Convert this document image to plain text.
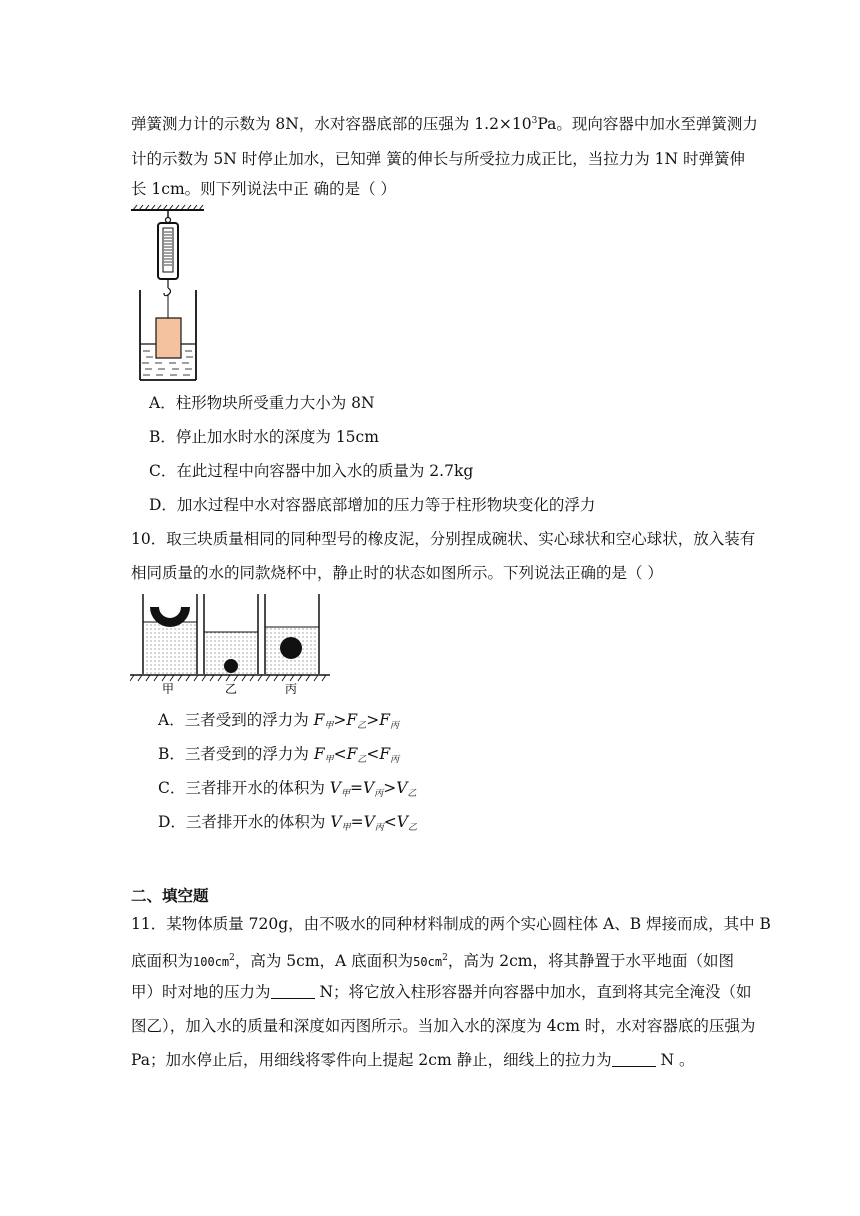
弹簧测力计的示数为 8N，水对容器底部的压强为 $1.2\times 10^3Pa$。现向容器中加水至弹簧测力
计的示数为 5N 时停止加水，已知弹 簧的伸长与所受拉力成正比，当拉力为 1N 时弹簧伸
长 1cm。则下列说法中正 确的是（ ）
A．柱形物块所受重力大小为 8N
B．停止加水时水的深度为 15cm
C．在此过程中向容器中加入水的质量为 2.7kg
D．加水过程中水对容器底部增加的压力等于柱形物块变化的浮力
10．取三块质量相同的同种型号的橡皮泥，分别捏成碗状、实心球状和空心球状，放入装有
相同质量的水的同款烧杯中，静止时的状态如图所示。下列说法正确的是（ ）
甲	乙	丙
A．三者受到的浮力为 $F_甲>F_乙>F_丙$
B．三者受到的浮力为 $F_甲<F_乙<F_丙$
C．三者排开水的体积为 $V_甲=V_丙>V_乙$
D．三者排开水的体积为 $V_甲=V_丙<V_乙$
二、填空题
11．某物体质量 720g，由不吸水的同种材料制成的两个实心圆柱体 A、B 焊接而成，其中 B
底面积为$100cm^2$，高为 5cm，A 底面积为$50cm^2$，高为 2cm，将其静置于水平地面（如图
甲）时对地的压力为	N；将它放入柱形容器并向容器中加水，直到将其完全淹没（如
图乙），加入水的质量和深度如丙图所示。当加入水的深度为 4cm 时，水对容器底的压强为
Pa；加水停止后，用细线将零件向上提起 2cm 静止，细线上的拉力为	N 。
